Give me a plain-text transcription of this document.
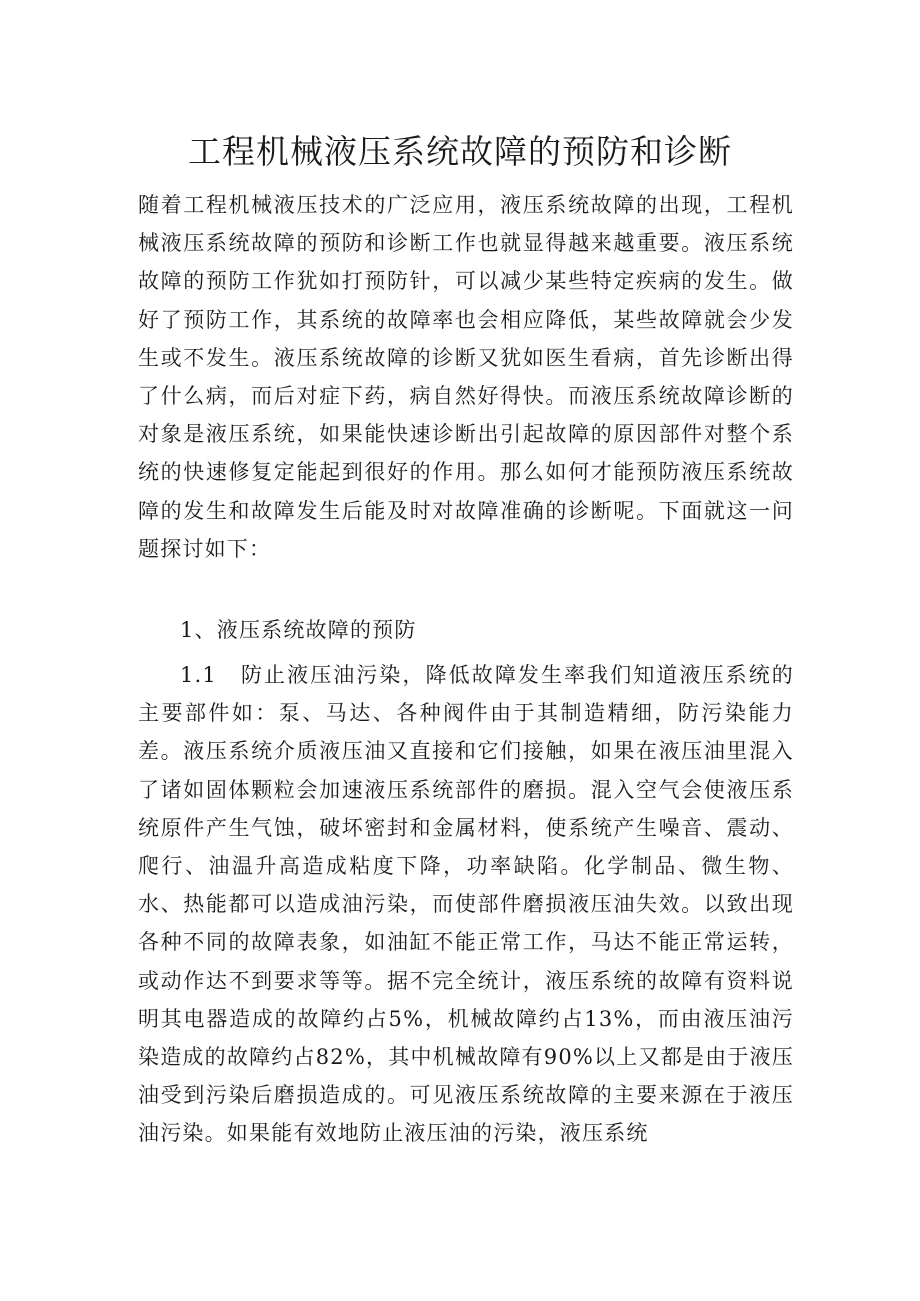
工程机械液压系统故障的预防和诊断

随着工程机械液压技术的广泛应用，液压系统故障的出现，工程机械液压系统故障的预防和诊断工作也就显得越来越重要。液压系统故障的预防工作犹如打预防针，可以减少某些特定疾病的发生。做好了预防工作，其系统的故障率也会相应降低，某些故障就会少发生或不发生。液压系统故障的诊断又犹如医生看病，首先诊断出得了什么病，而后对症下药，病自然好得快。而液压系统故障诊断的对象是液压系统，如果能快速诊断出引起故障的原因部件对整个系统的快速修复定能起到很好的作用。那么如何才能预防液压系统故障的发生和故障发生后能及时对故障准确的诊断呢。下面就这一问题探讨如下：

1、液压系统故障的预防

1.1　防止液压油污染，降低故障发生率我们知道液压系统的主要部件如：泵、马达、各种阀件由于其制造精细，防污染能力差。液压系统介质液压油又直接和它们接触，如果在液压油里混入了诸如固体颗粒会加速液压系统部件的磨损。混入空气会使液压系统原件产生气蚀，破坏密封和金属材料，使系统产生噪音、震动、爬行、油温升高造成粘度下降，功率缺陷。化学制品、微生物、水、热能都可以造成油污染，而使部件磨损液压油失效。以致出现各种不同的故障表象，如油缸不能正常工作，马达不能正常运转，或动作达不到要求等等。据不完全统计，液压系统的故障有资料说明其电器造成的故障约占5%，机械故障约占13%，而由液压油污染造成的故障约占82%，其中机械故障有90%以上又都是由于液压油受到污染后磨损造成的。可见液压系统故障的主要来源在于液压油污染。如果能有效地防止液压油的污染，液压系统
